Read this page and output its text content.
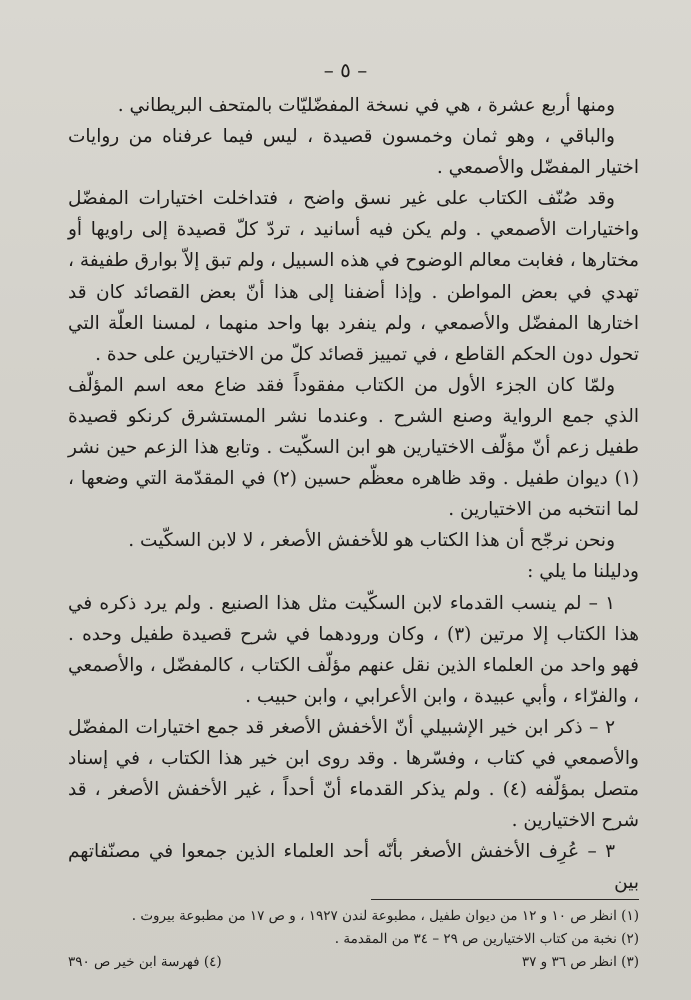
– ٥ –

ومنها أربع عشرة ، هي في نسخة المفضّليّات بالمتحف البريطاني .

والباقي ، وهو ثمان وخمسون قصيدة ، ليس فيما عرفناه من روايات اختيار المفضّل والأصمعي .

وقد صُنّف الكتاب على غير نسق واضح ، فتداخلت اختيارات المفضّل واختيارات الأصمعي . ولم يكن فيه أسانيد ، تردّ كلّ قصيدة إلى راويها أو مختارها ، فغابت معالم الوضوح في هذه السبيل ، ولم تبق إلاّ بوارق طفيفة ، تهدي في بعض المواطن . وإذا أضفنا إلى هذا أنّ بعض القصائد كان قد اختارها المفضّل والأصمعي ، ولم ينفرد بها واحد منهما ، لمسنا العلّة التي تحول دون الحكم القاطع ، في تمييز قصائد كلّ من الاختيارين على حدة .

ولمّا كان الجزء الأول من الكتاب مفقوداً فقد ضاع معه اسم المؤلّف الذي جمع الرواية وصنع الشرح . وعندما نشر المستشرق كرنكو قصيدة طفيل زعم أنّ مؤلّف الاختيارين هو ابن السكّيت . وتابع هذا الزعم حين نشر (١) ديوان طفيل . وقد ظاهره معظّم حسين (٢) في المقدّمة التي وضعها ، لما انتخبه من الاختيارين .

ونحن نرجّح أن هذا الكتاب هو للأخفش الأصغر ، لا لابن السكّيت .

ودليلنا ما يلي :

١ – لم ينسب القدماء لابن السكّيت مثل هذا الصنيع . ولم يرد ذكره في هذا الكتاب إلا مرتين (٣) ، وكان ورودهما في شرح قصيدة طفيل وحده . فهو واحد من العلماء الذين نقل عنهم مؤلّف الكتاب ، كالمفضّل ، والأصمعي ، والفرّاء ، وأبي عبيدة ، وابن الأعرابي ، وابن حبيب .

٢ – ذكر ابن خير الإشبيلي أنّ الأخفش الأصغر قد جمع اختيارات المفضّل والأصمعي في كتاب ، وفسّرها . وقد روى ابن خير هذا الكتاب ، في إسناد متصل بمؤلّفه (٤) . ولم يذكر القدماء أنّ أحداً ، غير الأخفش الأصغر ، قد شرح الاختيارين .

٣ – عُرِف الأخفش الأصغر بأنّه أحد العلماء الذين جمعوا في مصنّفاتهم بين

(١) انظر ص ١٠ و ١٢ من ديوان طفيل ، مطبوعة لندن ١٩٢٧ ، و ص ١٧ من مطبوعة بيروت .

(٢) نخبة من كتاب الاختيارين ص ٢٩ – ٣٤ من المقدمة .

(٣) انظر ص ٣٦ و ٣٧
(٤) فهرسة ابن خير ص ٣٩٠
